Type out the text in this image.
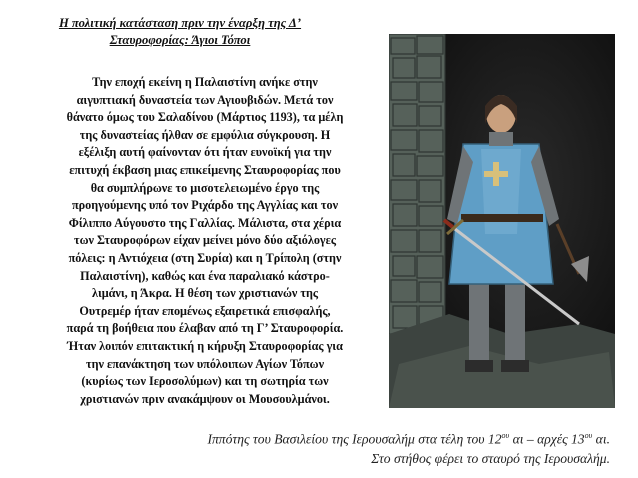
Η πολιτική κατάσταση πριν την έναρξη της Δ’
Σταυροφορίας: Άγιοι Τόποι
Την εποχή εκείνη η Παλαιστίνη ανήκε στην
αιγυπτιακή δυναστεία των Αγιουβιδών. Μετά τον
θάνατο όμως του Σαλαδίνου (Μάρτιος 1193), τα μέλη
της δυναστείας ήλθαν σε εμφύλια σύγκρουση. Η
εξέλιξη αυτή φαίνονταν ότι ήταν ευνοϊκή για την
επιτυχή έκβαση μιας επικείμενης Σταυροφορίας που
θα συμπλήρωνε το μισοτελειωμένο έργο της
προηγούμενης υπό τον Ριχάρδο της Αγγλίας και τον
Φίλιππο Αύγουστο της Γαλλίας. Μάλιστα, στα χέρια
των Σταυροφόρων είχαν μείνει μόνο δύο αξιόλογες
πόλεις: η Αντιόχεια (στη Συρία) και η Τρίπολη (στην
Παλαιστίνη), καθώς και ένα παραλιακό κάστρο-
λιμάνι, η Άκρα. Η θέση των χριστιανών της
Ουτρεμέρ ήταν επομένως εξαιρετικά επισφαλής,
παρά τη βοήθεια που έλαβαν από τη Γ’ Σταυροφορία.
Ήταν λοιπόν επιτακτική η κήρυξη Σταυροφορίας για
την επανάκτηση των υπόλοιπων Αγίων Τόπων
(κυρίως των Ιεροσολύμων) και τη σωτηρία των
χριστιανών πριν ανακάμψουν οι Μουσουλμάνοι.
Ιππότης του Βασιλείου της Ιερουσαλήμ στα τέλη του $12^{o\upsilon}$ αι – αρχές $13^{o\upsilon}$ αι.
Στο στήθος φέρει το σταυρό της Ιερουσαλήμ.
